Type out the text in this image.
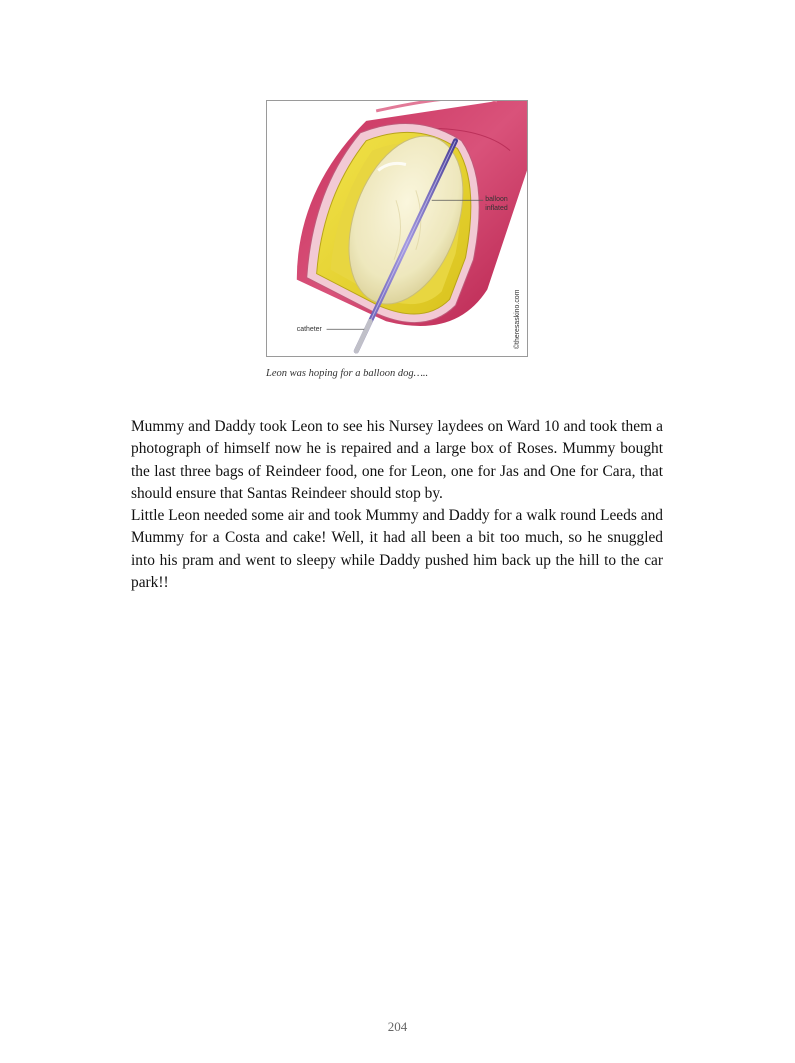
balloon
inflated
catheter	©theresaskino.com
Leon was hoping for a balloon dog…..

Mummy and Daddy took Leon to see his Nursey laydees on Ward 10 and took them a photograph of himself now he is repaired and a large box of Roses. Mummy bought the last three bags of Reindeer food, one for Leon, one for Jas and One for Cara, that should ensure that Santas Reindeer should stop by.

Little Leon needed some air and took Mummy and Daddy for a walk round Leeds and Mummy for a Costa and cake! Well, it had all been a bit too much, so he snuggled into his pram and went to sleepy while Daddy pushed him back up the hill to the car park!!

204
